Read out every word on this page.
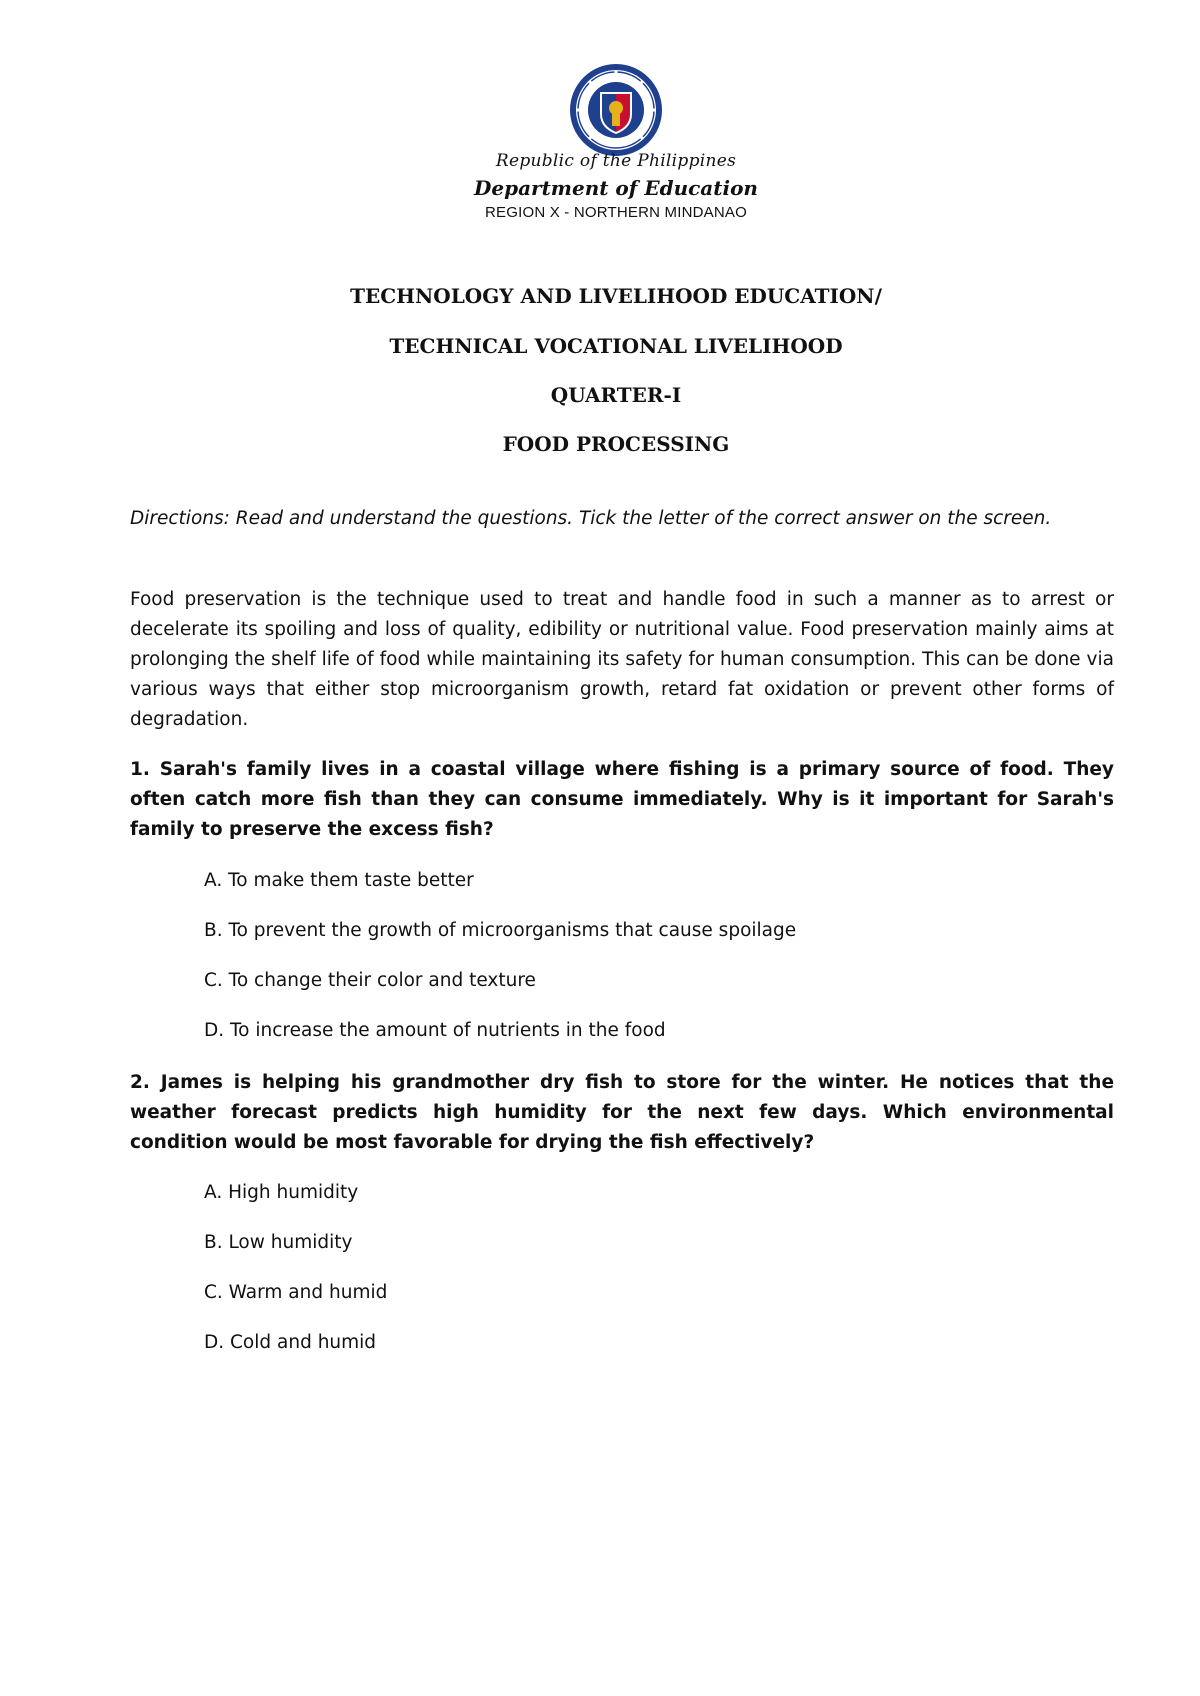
Republic of the Philippines
Department of Education
REGION X - NORTHERN MINDANAO
TECHNOLOGY AND LIVELIHOOD EDUCATION/
TECHNICAL VOCATIONAL LIVELIHOOD
QUARTER-I
FOOD PROCESSING
Directions: Read and understand the questions. Tick the letter of the correct answer on the screen.
Food preservation is the technique used to treat and handle food in such a manner as to arrest or decelerate its spoiling and loss of quality, edibility or nutritional value. Food preservation mainly aims at prolonging the shelf life of food while maintaining its safety for human consumption. This can be done via various ways that either stop microorganism growth, retard fat oxidation or prevent other forms of degradation.
1. Sarah's family lives in a coastal village where fishing is a primary source of food. They often catch more fish than they can consume immediately. Why is it important for Sarah's family to preserve the excess fish?
A. To make them taste better
B. To prevent the growth of microorganisms that cause spoilage
C. To change their color and texture
D. To increase the amount of nutrients in the food
2. James is helping his grandmother dry fish to store for the winter. He notices that the weather forecast predicts high humidity for the next few days. Which environmental condition would be most favorable for drying the fish effectively?
A. High humidity
B. Low humidity
C. Warm and humid
D. Cold and humid
